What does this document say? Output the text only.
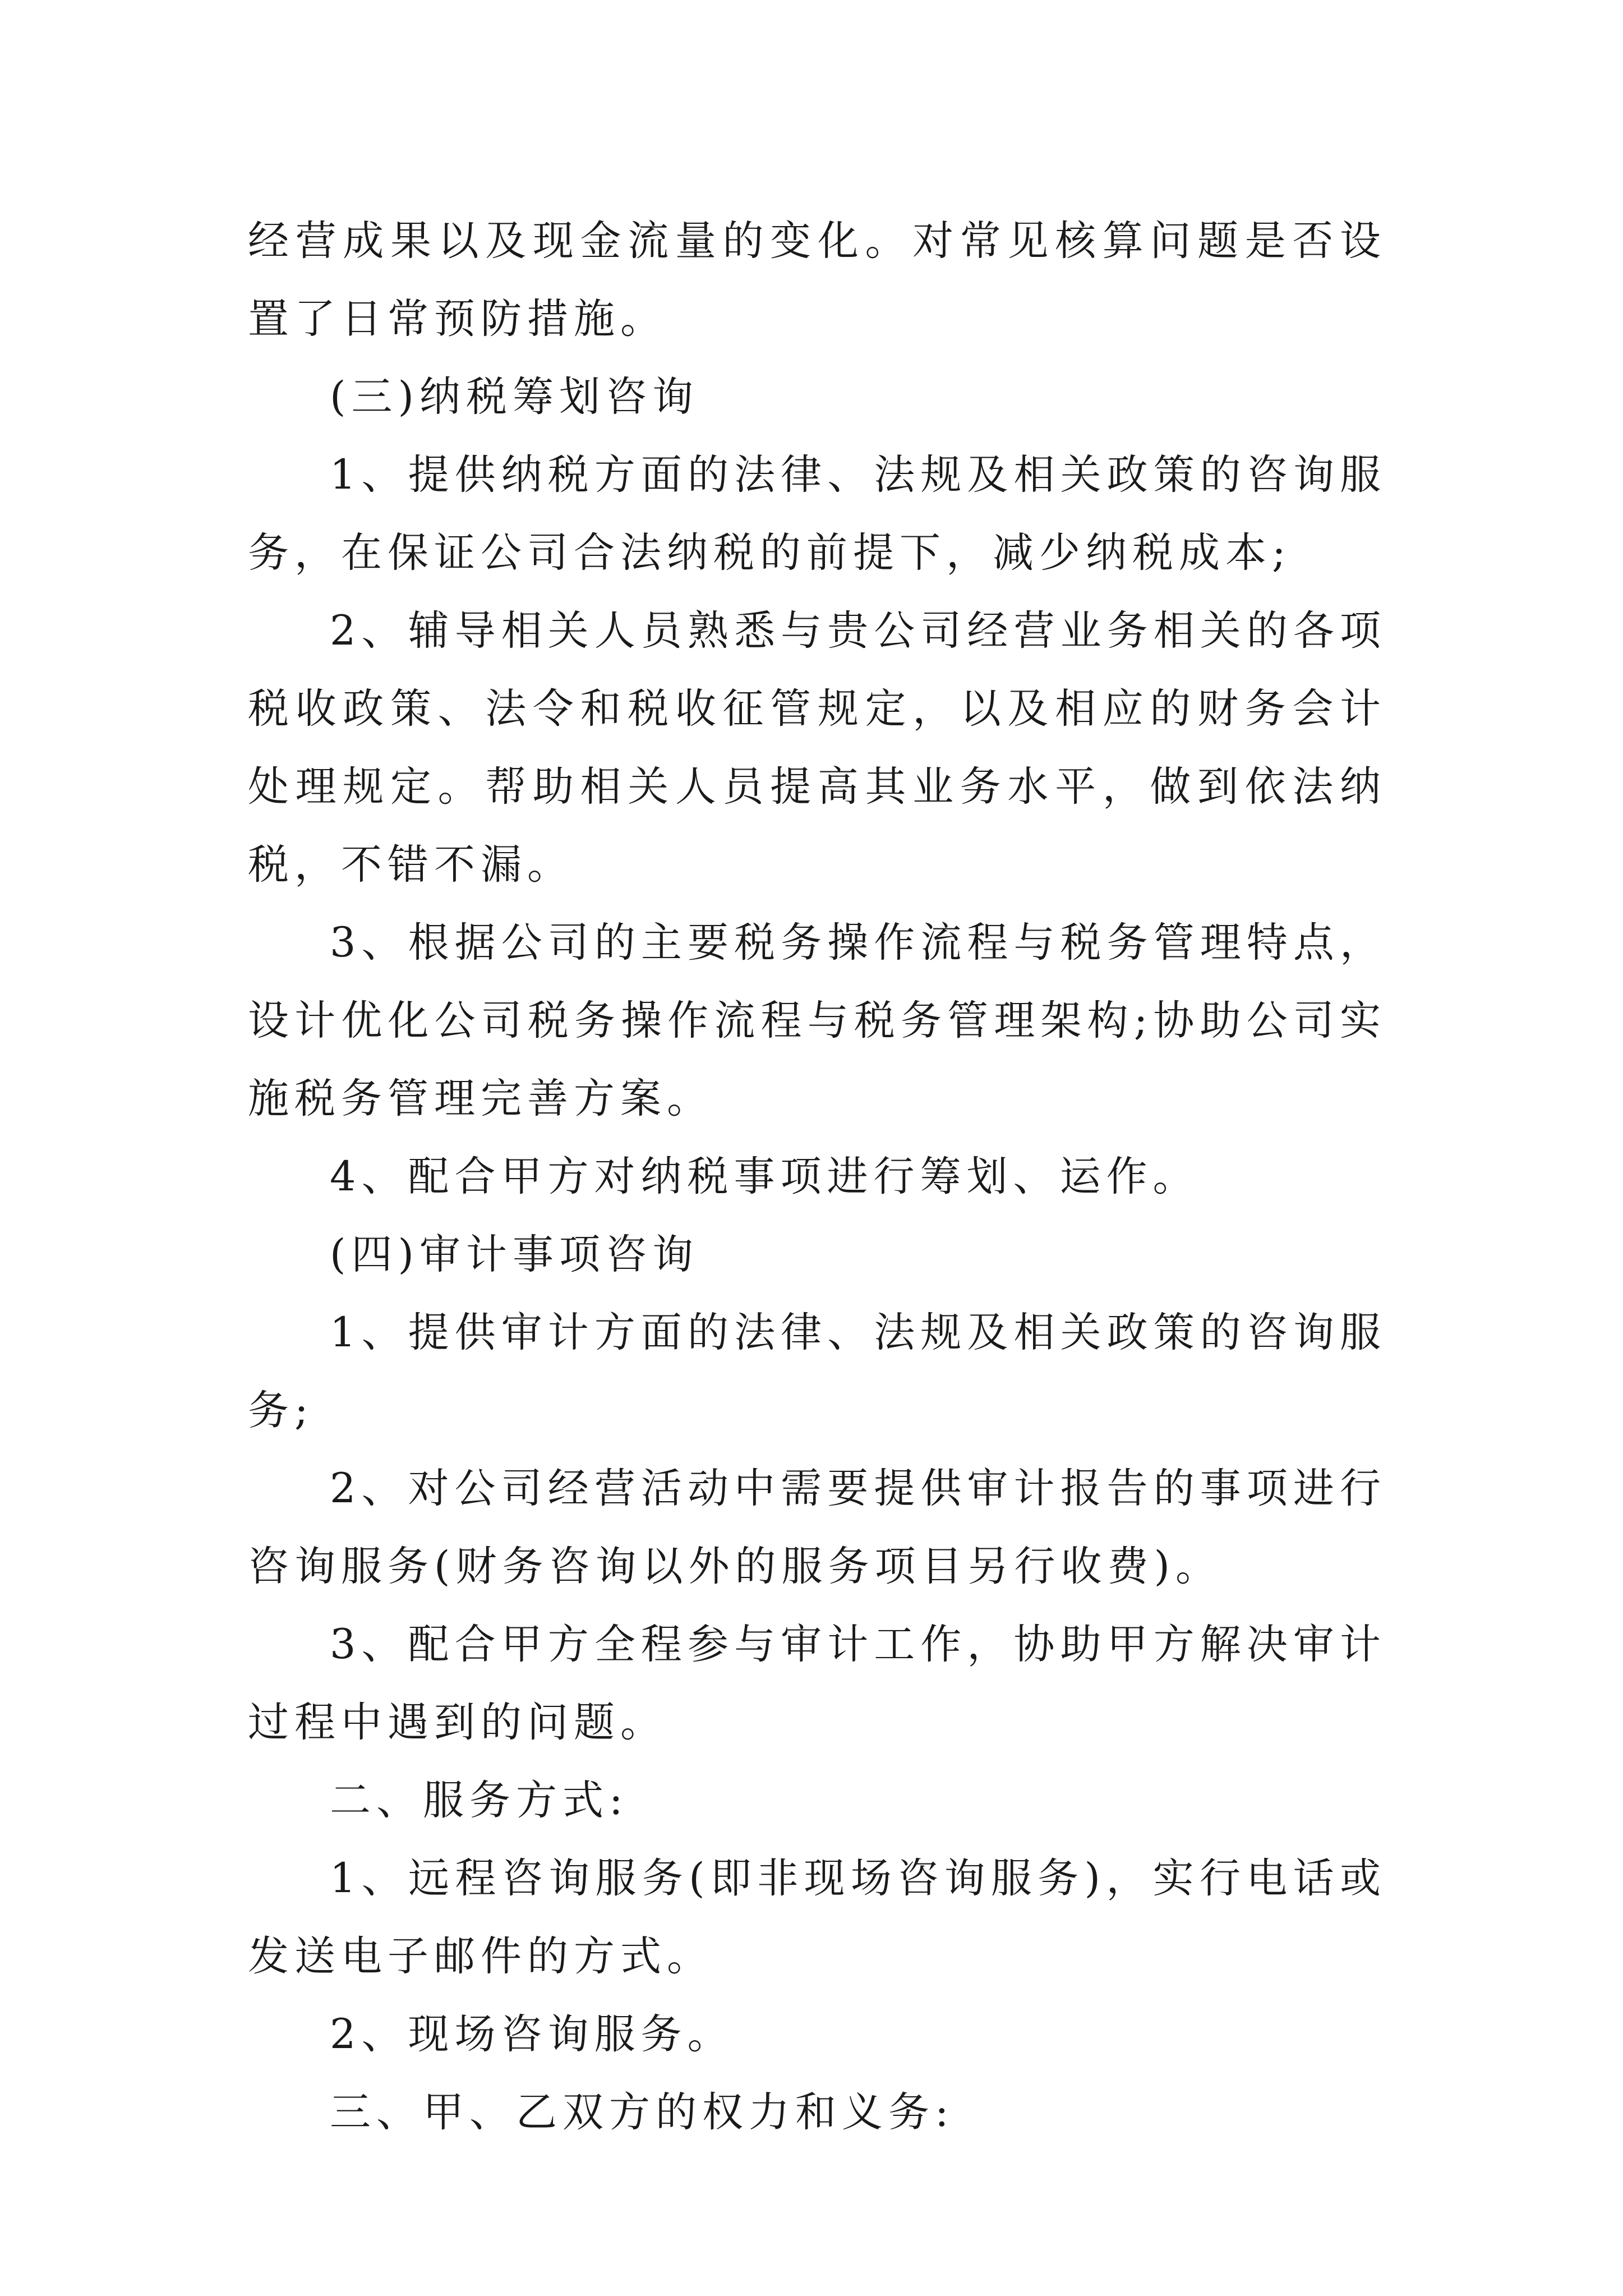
经营成果以及现金流量的变化。对常见核算问题是否设置了日常预防措施。

(三)纳税筹划咨询

1、提供纳税方面的法律、法规及相关政策的咨询服务，在保证公司合法纳税的前提下，减少纳税成本;

2、辅导相关人员熟悉与贵公司经营业务相关的各项税收政策、法令和税收征管规定，以及相应的财务会计处理规定。帮助相关人员提高其业务水平，做到依法纳税，不错不漏。

3、根据公司的主要税务操作流程与税务管理特点，设计优化公司税务操作流程与税务管理架构;协助公司实施税务管理完善方案。

4、配合甲方对纳税事项进行筹划、运作。

(四)审计事项咨询

1、提供审计方面的法律、法规及相关政策的咨询服务;

2、对公司经营活动中需要提供审计报告的事项进行咨询服务(财务咨询以外的服务项目另行收费)。

3、配合甲方全程参与审计工作，协助甲方解决审计过程中遇到的问题。

二、服务方式:

1、远程咨询服务(即非现场咨询服务)，实行电话或发送电子邮件的方式。

2、现场咨询服务。

三、甲、乙双方的权力和义务:
